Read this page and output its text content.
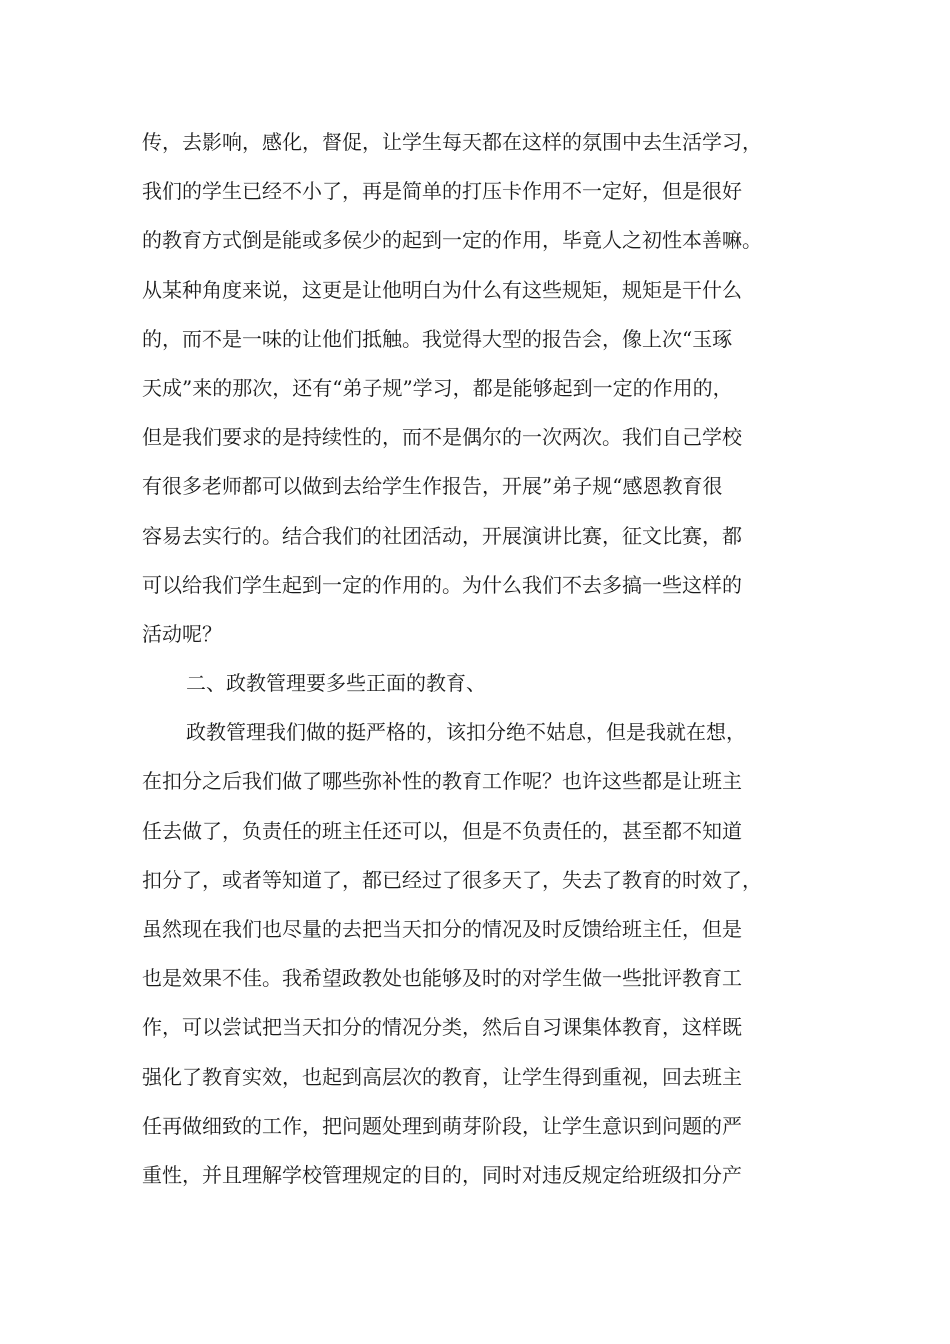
传，去影响，感化，督促，让学生每天都在这样的氛围中去生活学习，
我们的学生已经不小了，再是简单的打压卡作用不一定好，但是很好
的教育方式倒是能或多侯少的起到一定的作用，毕竟人之初性本善嘛。
从某种角度来说，这更是让他明白为什么有这些规矩，规矩是干什么
的，而不是一味的让他们抵触。我觉得大型的报告会，像上次“玉琢
天成”来的那次，还有“弟子规”学习，都是能够起到一定的作用的，
但是我们要求的是持续性的，而不是偶尔的一次两次。我们自己学校
有很多老师都可以做到去给学生作报告，开展”弟子规“感恩教育很
容易去实行的。结合我们的社团活动，开展演讲比赛，征文比赛，都
可以给我们学生起到一定的作用的。为什么我们不去多搞一些这样的
活动呢？
二、政教管理要多些正面的教育、
政教管理我们做的挺严格的，该扣分绝不姑息，但是我就在想，
在扣分之后我们做了哪些弥补性的教育工作呢？也许这些都是让班主
任去做了，负责任的班主任还可以，但是不负责任的，甚至都不知道
扣分了，或者等知道了，都已经过了很多天了，失去了教育的时效了，
虽然现在我们也尽量的去把当天扣分的情况及时反馈给班主任，但是
也是效果不佳。我希望政教处也能够及时的对学生做一些批评教育工
作，可以尝试把当天扣分的情况分类，然后自习课集体教育，这样既
强化了教育实效，也起到高层次的教育，让学生得到重视，回去班主
任再做细致的工作，把问题处理到萌芽阶段，让学生意识到问题的严
重性，并且理解学校管理规定的目的，同时对违反规定给班级扣分产
